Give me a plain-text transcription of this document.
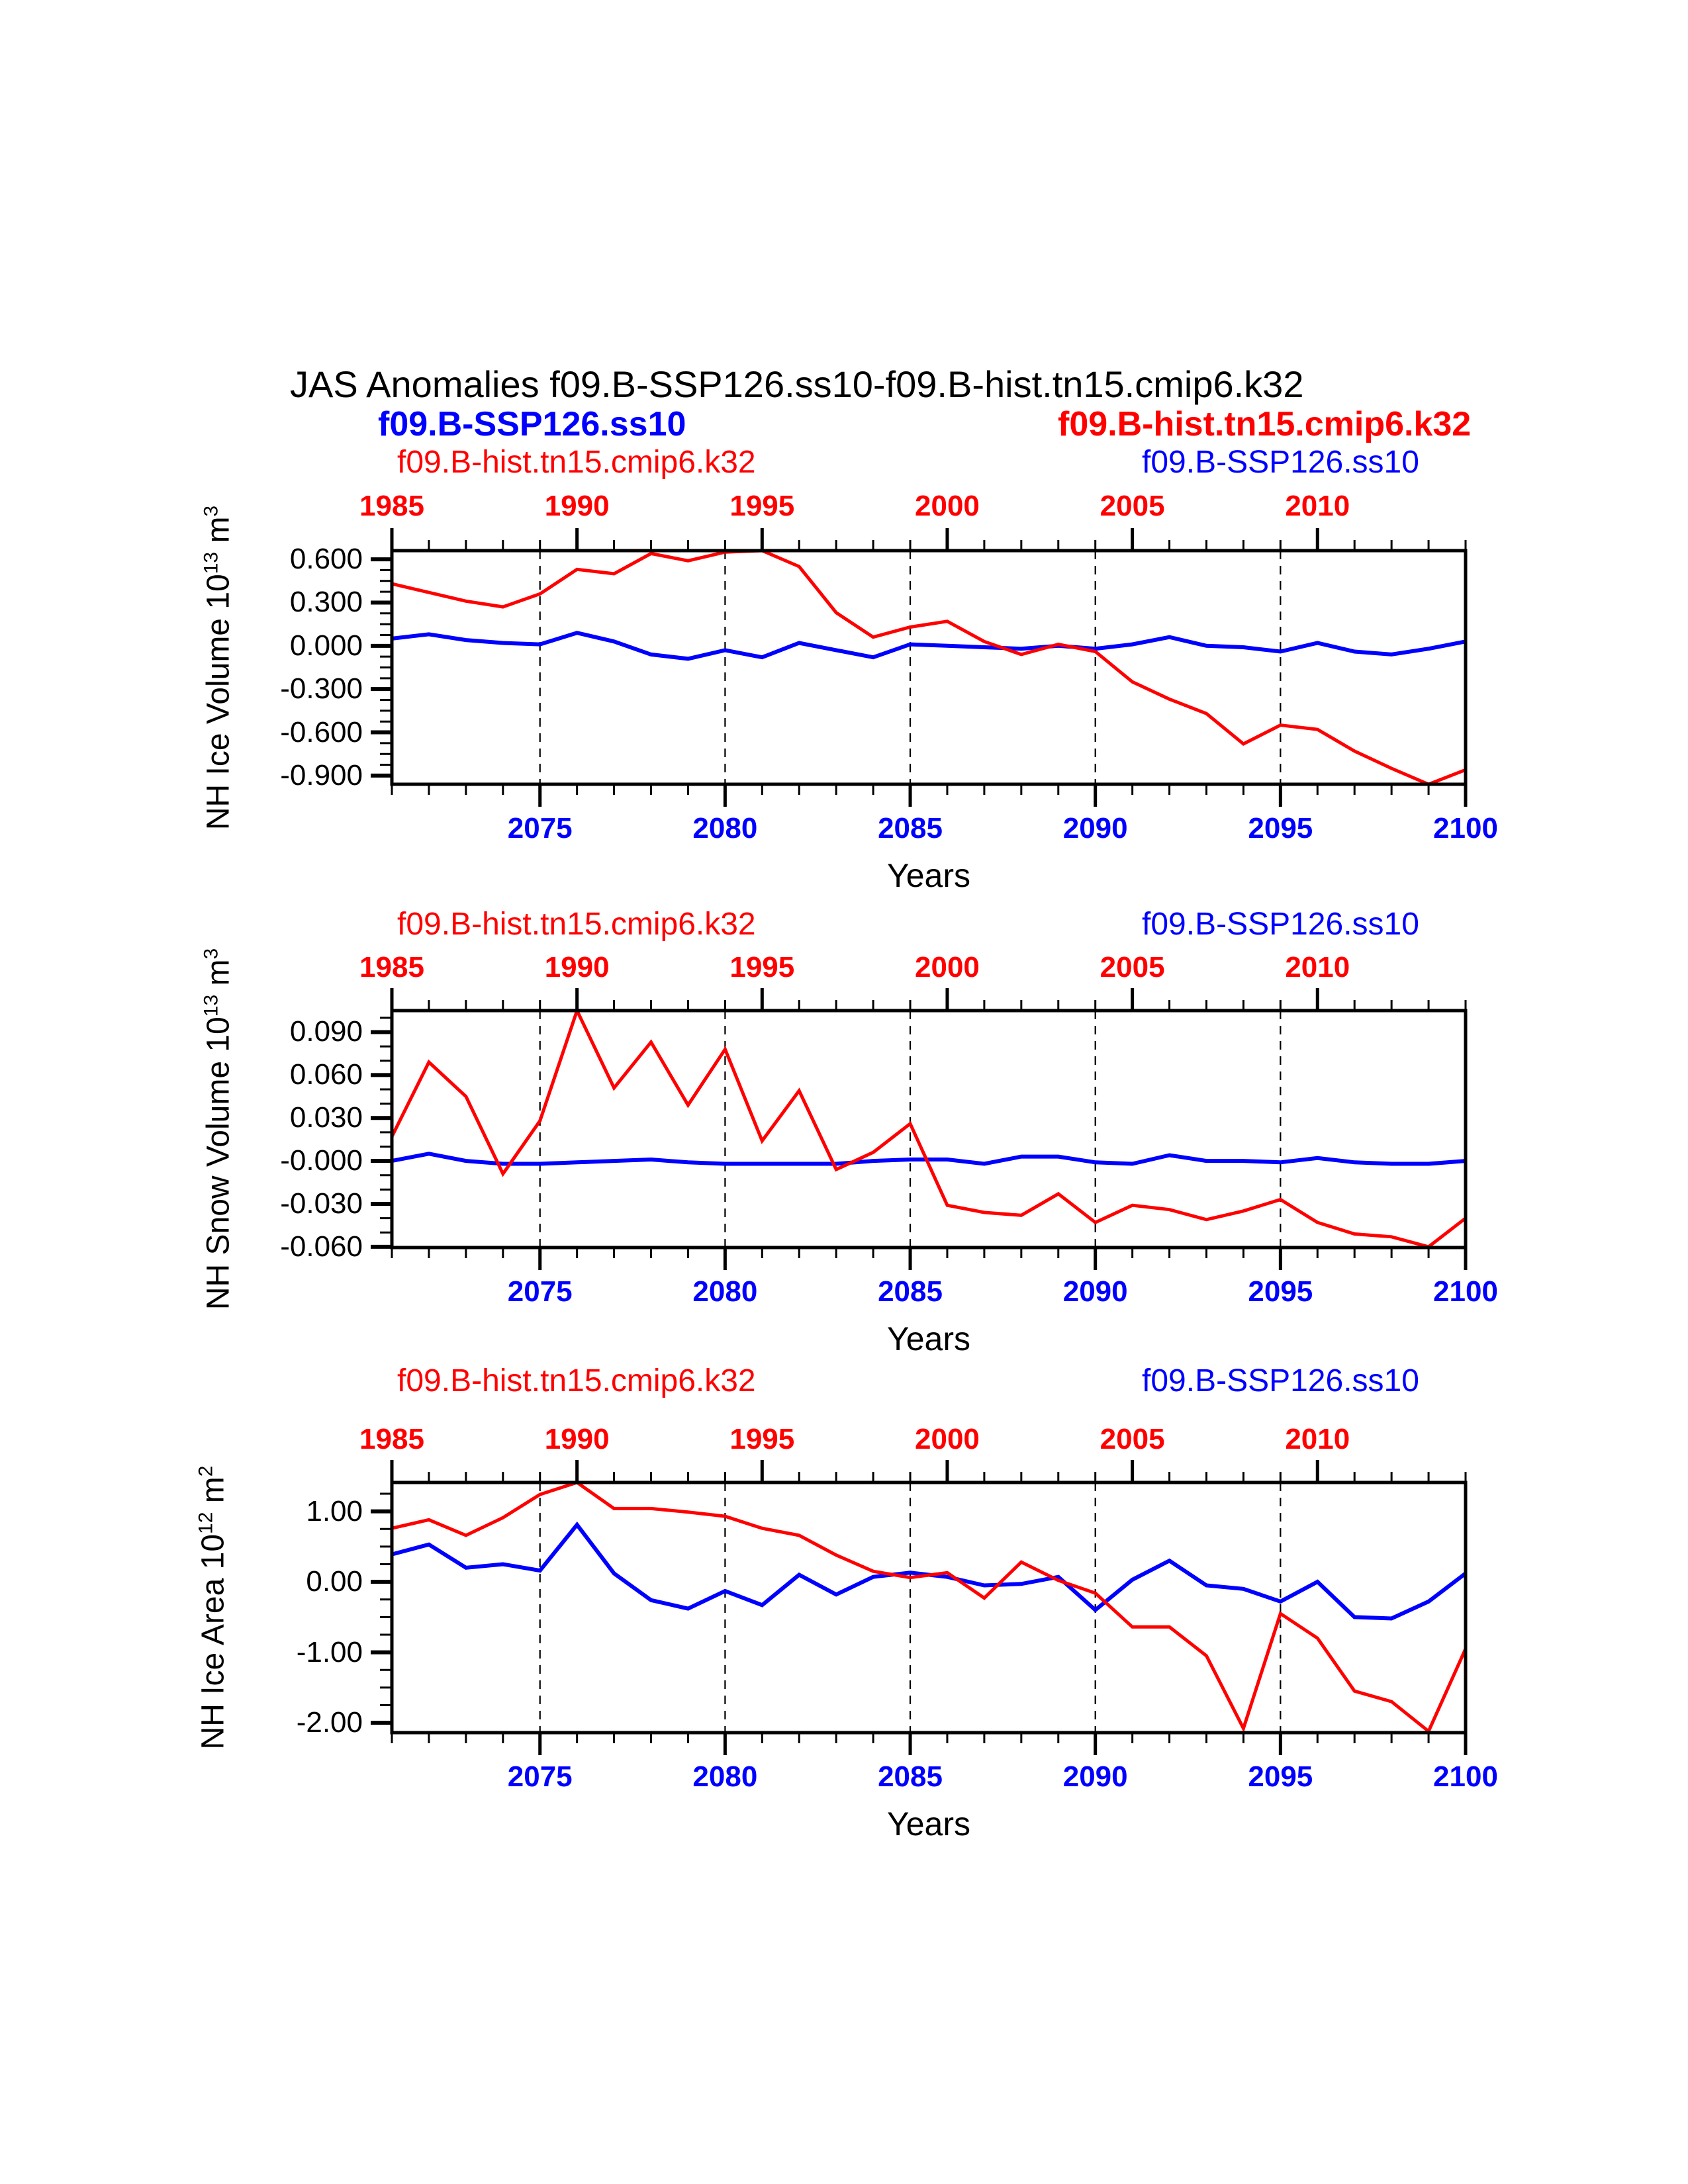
JAS Anomalies f09.B-SSP126.ss10-f09.B-hist.tn15.cmip6.k32
f09.B-SSP126.ss10	f09.B-hist.tn15.cmip6.k32
f09.B-hist.tn15.cmip6.k32	f09.B-SSP126.ss10
Years
f09.B-hist.tn15.cmip6.k32	f09.B-SSP126.ss10
Years
f09.B-hist.tn15.cmip6.k32	f09.B-SSP126.ss10
Years
1985	1990	1995	2000	2005	2010
2075	2080	2085	2090	2095	2100
0.600
0.300
0.000
-0.300
-0.600
-0.900
NH Ice Volume $10^{13}$ $m^3$
1985	1990	1995	2000	2005	2010
2075	2080	2085	2090	2095	2100
0.090
0.060
0.030
-0.000
-0.030
-0.060
NH Snow Volume $10^{13}$ $m^3$
1985	1990	1995	2000	2005	2010
2075	2080	2085	2090	2095	2100
1.00
0.00
-1.00
-2.00
NH Ice Area $10^{12}$ $m^2$
